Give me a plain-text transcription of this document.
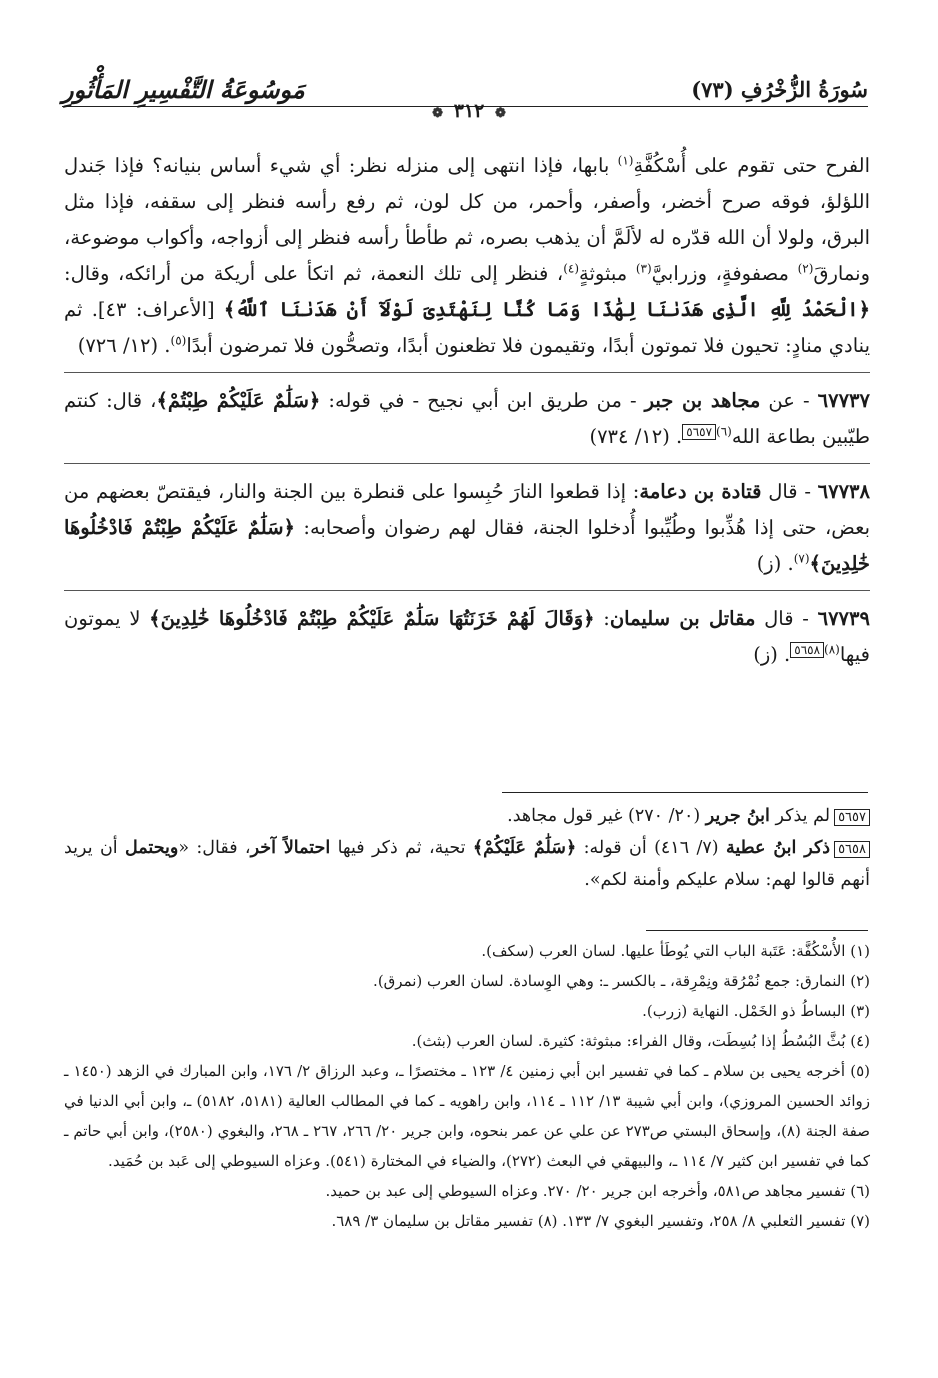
سُورَةُ الزُّخْرُفِ (٧٣)
مَوسُوعَةُ التَّفْسِيرِ المَأْثُورِ
❁ ٣١٢ ❁

الفرح حتى تقوم على أُسْكُفَّةِ$^{(١)}$ بابها، فإذا انتهى إلى منزله نظر: أي شيء أساس بنيانه؟ فإذا جَندل اللؤلؤ، فوقه صرح أخضر، وأصفر، وأحمر، من كل لون، ثم رفع رأسه فنظر إلى سقفه، فإذا مثل البرق، ولولا أن الله قدّره له لألَمَّ أن يذهب بصره، ثم طأطأ رأسه فنظر إلى أزواجه، وأكواب موضوعة، ونمارقَ$^{(٢)}$ مصفوفةٍ، وزرابيَّ$^{(٣)}$ مبثوثةٍ$^{(٤)}$، فنظر إلى تلك النعمة، ثم اتكأ على أريكة من أرائكه، وقال: ﴿الْحَمْدُ لِلَّهِ الَّذِى هَدَىٰنَا لِهَٰذَا وَمَا كُنَّا لِنَهْتَدِىَ لَوْلَآ أَنْ هَدَىٰنَا ٱللَّهُ﴾ [الأعراف: ٤٣]. ثم ينادي منادٍ: تحيون فلا تموتون أبدًا، وتقيمون فلا تظعنون أبدًا، وتصحُّون فلا تمرضون أبدًا$^{(٥)}$. (١٢/ ٧٢٦)

٦٧٧٣٧ - عن مجاهد بن جبر - من طريق ابن أبي نجيح - في قوله: ﴿سَلَٰمٌ عَلَيْكُمْ طِبْتُمْ﴾، قال: كنتم طيّبين بطاعة الله$^{(٦)}$٥٦٥٧. (١٢/ ٧٣٤)

٦٧٧٣٨ - قال قتادة بن دعامة: إذا قطعوا النارَ حُبِسوا على قنطرة بين الجنة والنار، فيقتصّ بعضهم من بعض، حتى إذا هُذِّبوا وطُيِّبوا أُدخلوا الجنة، فقال لهم رضوان وأصحابه: ﴿سَلَٰمٌ عَلَيْكُمْ طِبْتُمْ فَادْخُلُوهَا خَٰلِدِينَ﴾$^{(٧)}$. (ز)

٦٧٧٣٩ - قال مقاتل بن سليمان: ﴿وَقَالَ لَهُمْ خَزَنَتُهَا سَلَٰمٌ عَلَيْكُمْ طِبْتُمْ فَادْخُلُوهَا خَٰلِدِينَ﴾ لا يموتون فيها$^{(٨)}$٥٦٥٨. (ز)

٥٦٥٧لم يذكر ابنُ جرير (٢٠/ ٢٧٠) غير قول مجاهد.

٥٦٥٨ذكر ابنُ عطية (٧/ ٤١٦) أن قوله: ﴿سَلَٰمٌ عَلَيْكُمْ﴾ تحية، ثم ذكر فيها احتمالاً آخر، فقال: «ويحتمل أن يريد أنهم قالوا لهم: سلام عليكم وأمنة لكم».

(١) الأُسْكُفَّة: عَتَبة الباب التي يُوطَأ عليها. لسان العرب (سكف).

(٢) النمارق: جمع نُمْرُقة ونِمْرِقة، ـ بالكسر ـ: وهي الوِسادة. لسان العرب (نمرق).

(٣) البساطُ ذو الخَمْل. النهاية (زرب).

(٤) بُثَّ البُسُطُ إذا بُسِطَت، وقال الفراء: مبثوثة: كثيرة. لسان العرب (بثث).

(٥) أخرجه يحيى بن سلام ـ كما في تفسير ابن أبي زمنين ٤/ ١٢٣ ـ مختصرًا ـ، وعبد الرزاق ٢/ ١٧٦، وابن المبارك في الزهد (١٤٥٠ ـ زوائد الحسين المروزي)، وابن أبي شيبة ١٣/ ١١٢ ـ ١١٤، وابن راهويه ـ كما في المطالب العالية (٥١٨١، ٥١٨٢) ـ، وابن أبي الدنيا في صفة الجنة (٨)، وإسحاق البستي ص٢٧٣ عن علي عن عمر بنحوه، وابن جرير ٢٠/ ٢٦٦، ٢٦٧ ـ ٢٦٨، والبغوي (٢٥٨٠)، وابن أبي حاتم ـ كما في تفسير ابن كثير ٧/ ١١٤ ـ، والبيهقي في البعث (٢٧٢)، والضياء في المختارة (٥٤١). وعزاه السيوطي إلى عَبد بن حُمَيد.

(٦) تفسير مجاهد ص٥٨١، وأخرجه ابن جرير ٢٠/ ٢٧٠. وعزاه السيوطي إلى عبد بن حميد.

(٧) تفسير الثعلبي ٨/ ٢٥٨، وتفسير البغوي ٧/ ١٣٣. (٨) تفسير مقاتل بن سليمان ٣/ ٦٨٩.
